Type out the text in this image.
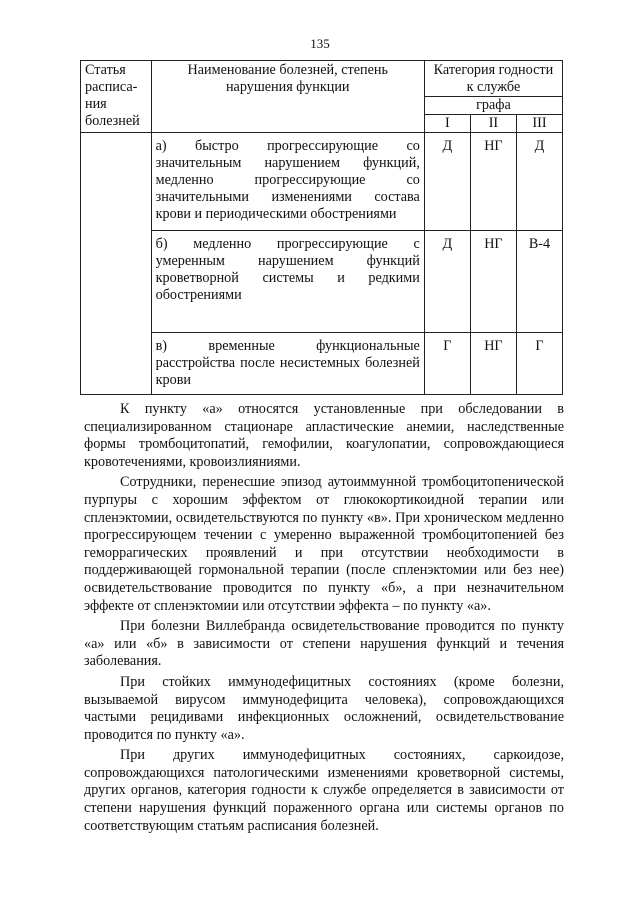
135
Статья расписа-ния болезней	Наименование болезней, степень нарушения функции	Категория годности к службе		
		графа		
		I	II	III

	а) быстро прогрессирующие со значительным нарушением функций, медленно прогрессирующие со значительными изменениями состава крови и периодическими обострениями	Д	НГ	Д

	б) медленно прогрессирующие с умеренным нарушением функций кроветворной системы и редкими обострениями	Д	НГ	В-4

	в) временные функциональные расстройства после несистемных болезней крови	Г	НГ	Г

К пункту «а» относятся установленные при обследовании в специализированном стационаре апластические анемии, наследственные формы тромбоцитопатий, гемофилии, коагулопатии, сопровождающиеся кровотечениями, кровоизлияниями.

Сотрудники, перенесшие эпизод аутоиммунной тромбоцитопенической пурпуры с хорошим эффектом от глюкокортикоидной терапии или спленэктомии, освидетельствуются по пункту «в». При хроническом медленно прогрессирующем течении с умеренно выраженной тромбоцитопенией без геморрагических проявлений и при отсутствии необходимости в поддерживающей гормональной терапии (после спленэктомии или без нее) освидетельствование проводится по пункту «б», а при незначительном эффекте от спленэктомии или отсутствии эффекта – по пункту «а».

При болезни Виллебранда освидетельствование проводится по пункту «а» или «б» в зависимости от степени нарушения функций и течения заболевания.

При стойких иммунодефицитных состояниях (кроме болезни, вызываемой вирусом иммунодефицита человека), сопровождающихся частыми рецидивами инфекционных осложнений, освидетельствование проводится по пункту «а».

При других иммунодефицитных состояниях, саркоидозе, сопровождающихся патологическими изменениями кроветворной системы, других органов, категория годности к службе определяется в зависимости от степени нарушения функций пораженного органа или системы органов по соответствующим статьям расписания болезней.
